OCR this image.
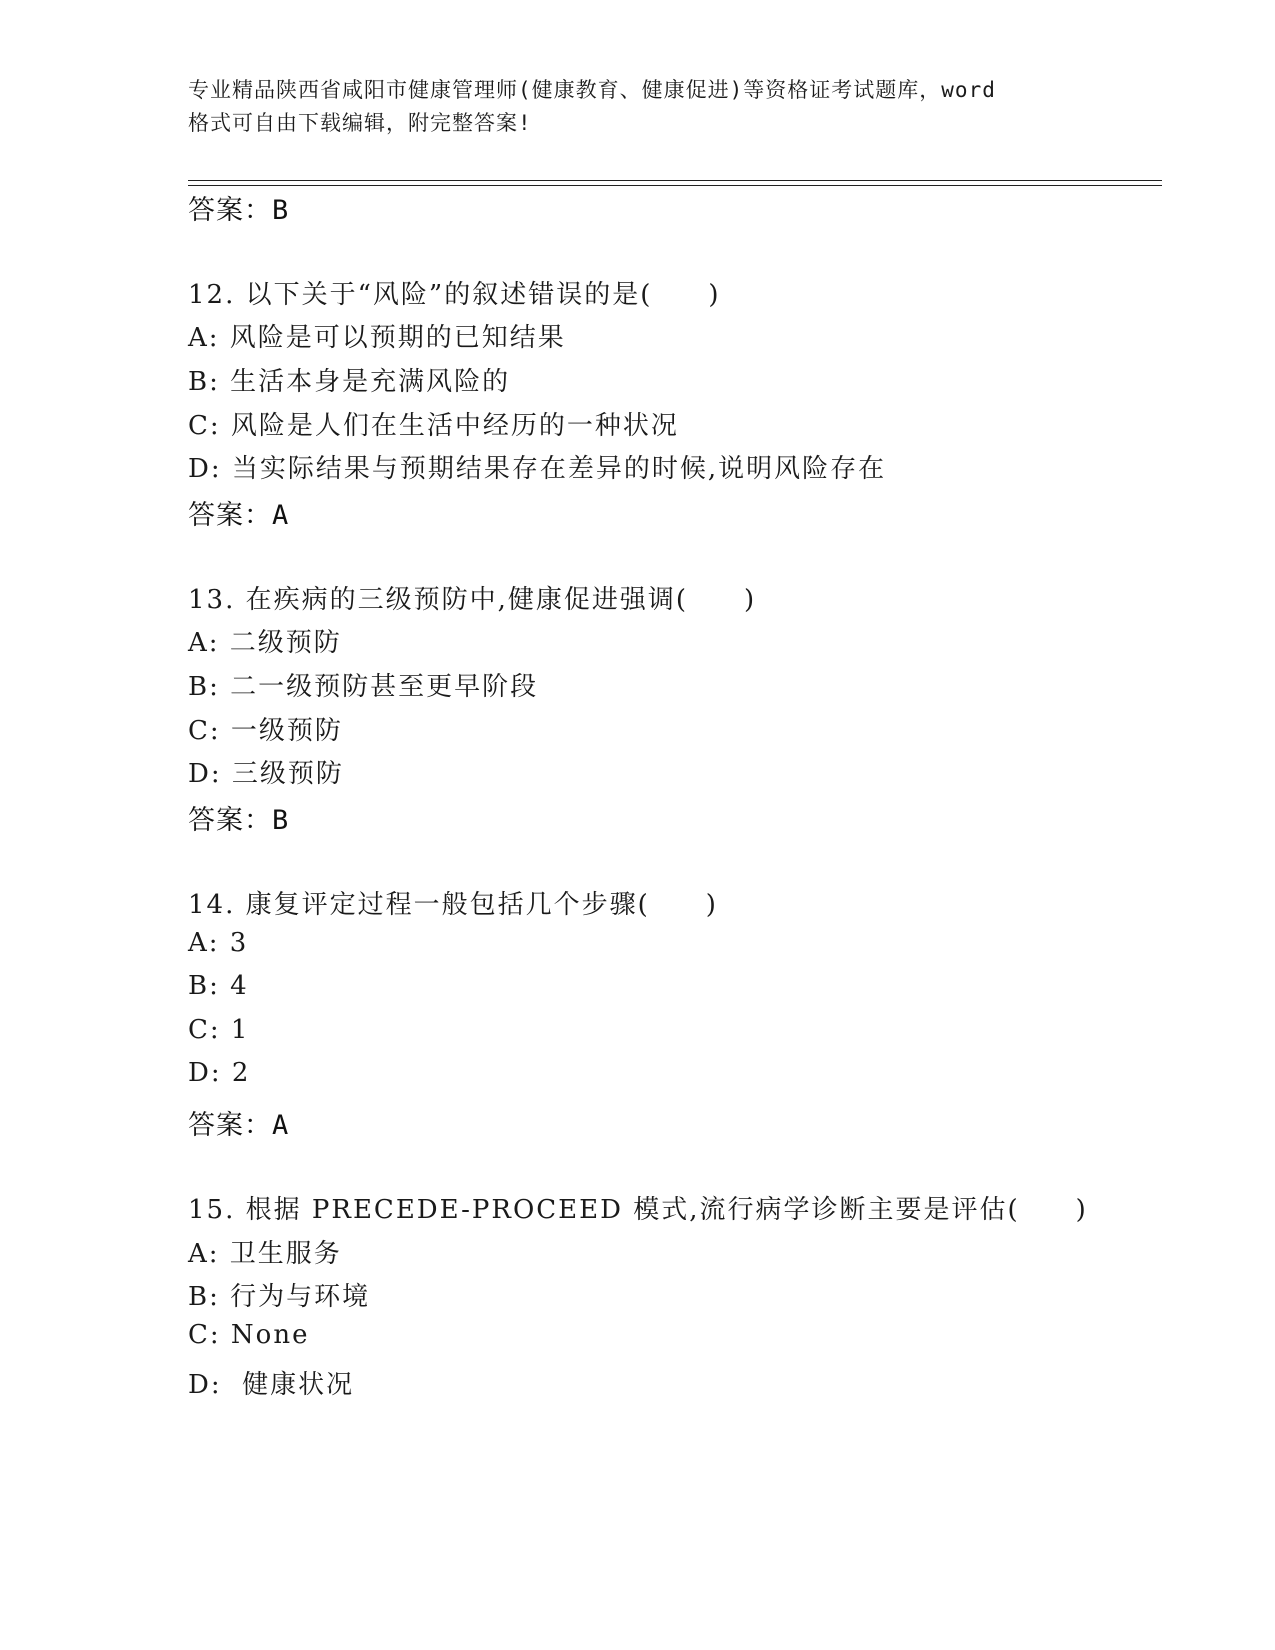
专业精品陕西省咸阳市健康管理师(健康教育、健康促进)等资格证考试题库，word
格式可自由下载编辑，附完整答案!
答案：B
12. 以下关于“风险”的叙述错误的是(　　)
A: 风险是可以预期的已知结果
B: 生活本身是充满风险的
C: 风险是人们在生活中经历的一种状况
D: 当实际结果与预期结果存在差异的时候,说明风险存在
答案：A
13. 在疾病的三级预防中,健康促进强调(　　)
A: 二级预防
B: 二一级预防甚至更早阶段
C: 一级预防
D: 三级预防
答案：B
14. 康复评定过程一般包括几个步骤(　　)
A: 3
B: 4
C: 1
D: 2
答案：A
15. 根据 PRECEDE-PROCEED 模式,流行病学诊断主要是评估(　　)
A: 卫生服务
B: 行为与环境
C: None
D:  健康状况
